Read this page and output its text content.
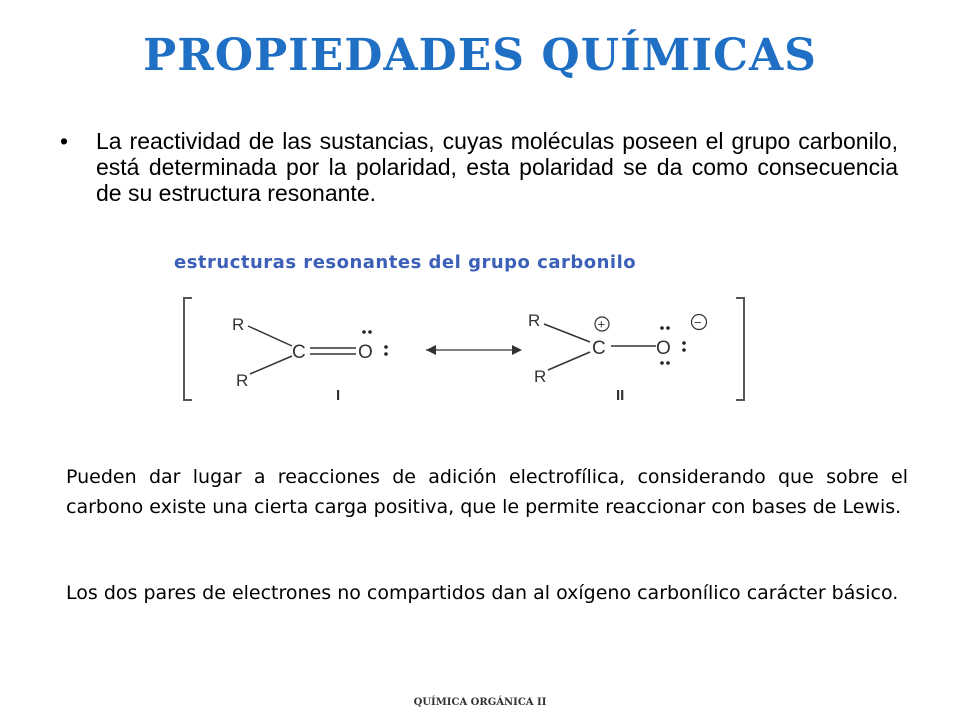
PROPIEDADES QUÍMICAS
• La reactividad de las sustancias, cuyas moléculas poseen el grupo carbonilo, está determinada por la polaridad, esta polaridad se da como consecuencia de su estructura resonante.
estructuras resonantes del grupo carbonilo
R
R
C	O
I
R
R
C
+
O
−
II

Pueden dar lugar a reacciones de adición electrofílica, considerando que sobre el carbono existe una cierta carga positiva, que le permite reaccionar con bases de Lewis.

Los dos pares de electrones no compartidos dan al oxígeno carbonílico carácter básico.

QUÍMICA ORGÁNICA II
